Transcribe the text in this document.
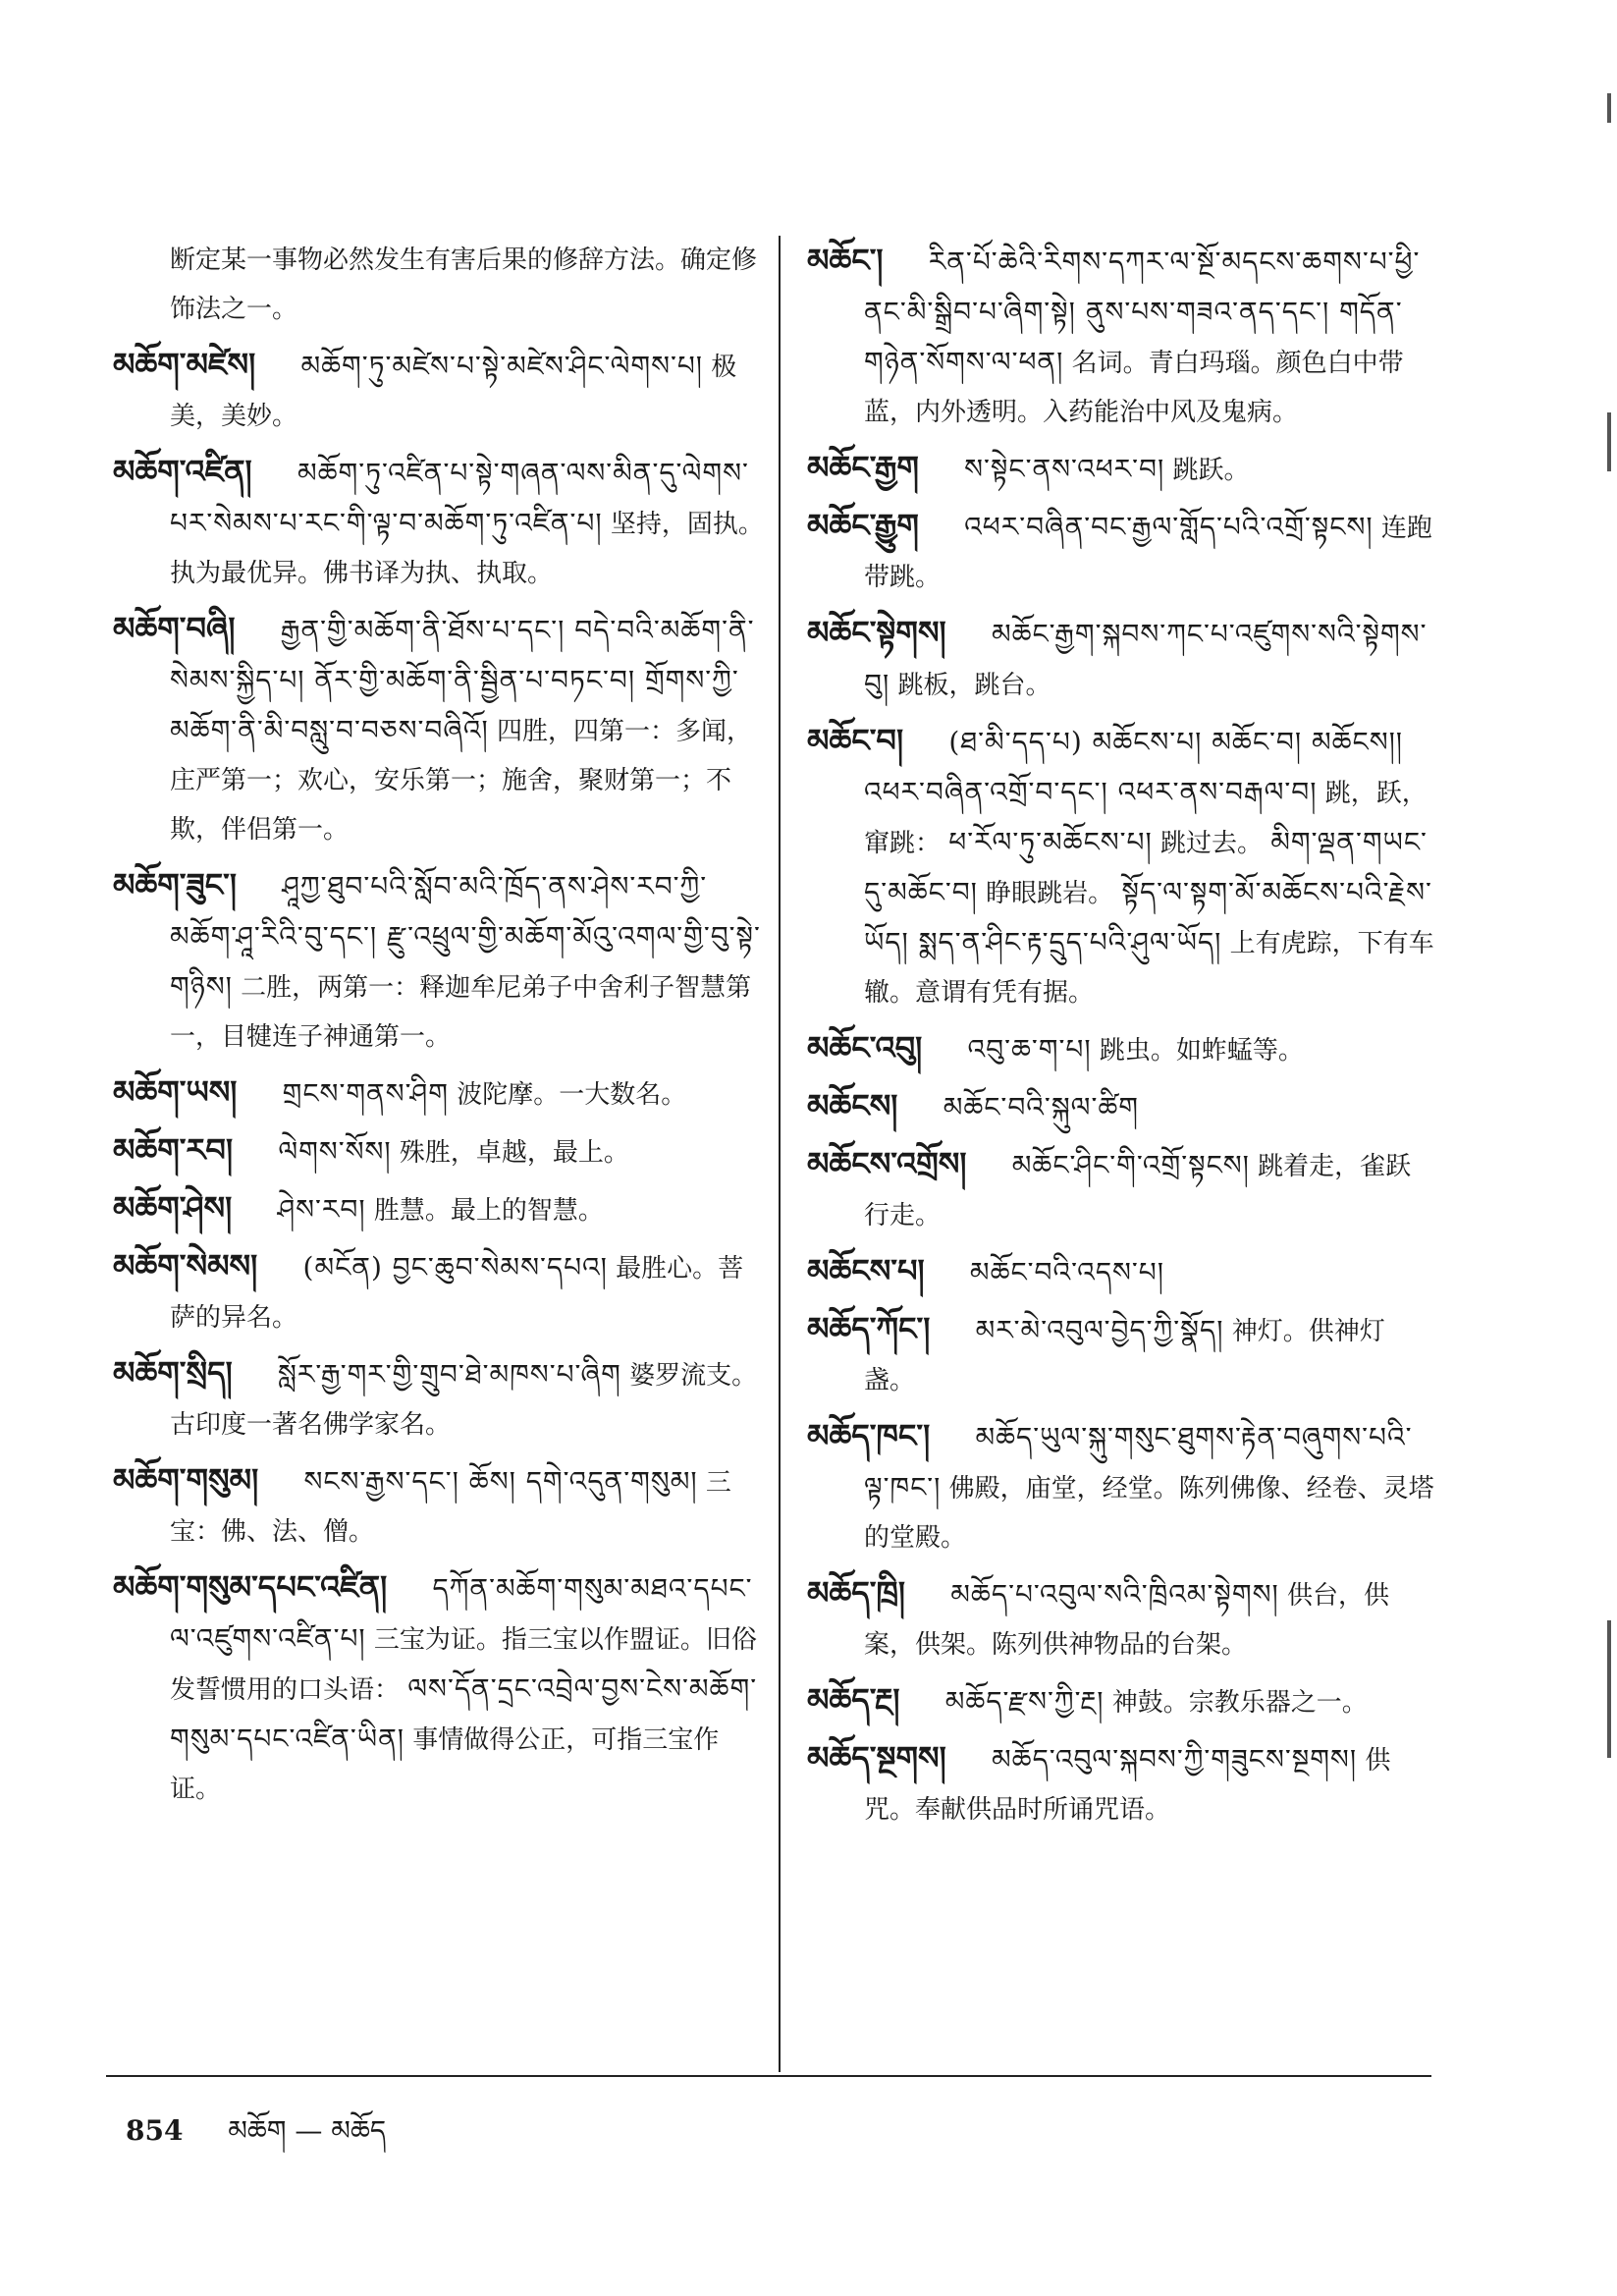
断定某一事物必然发生有害后果的修辞方法。确定修饰法之一。

མཆོག་མཛེས། མཆོག་ཏུ་མཛེས་པ་སྟེ་མཛེས་ཤིང་ལེགས་པ། 极美，美妙。

མཆོག་འཛིན། མཆོག་ཏུ་འཛིན་པ་སྟེ་གཞན་ལས་མིན་དུ་ལེགས་པར་སེམས་པ་རང་གི་ལྟ་བ་མཆོག་ཏུ་འཛིན་པ། 坚持，固执。执为最优异。佛书译为执、执取。

མཆོག་བཞི། རྒྱན་གྱི་མཆོག་ནི་ཐོས་པ་དང་། བདེ་བའི་མཆོག་ནི་སེམས་སྐྱིད་པ། ནོར་གྱི་མཆོག་ནི་སྦྱིན་པ་བཏང་བ། གྲོགས་ཀྱི་མཆོག་ནི་མི་བསླུ་བ་བཅས་བཞིའོ། 四胜，四第一：多闻，庄严第一；欢心，安乐第一；施舍，聚财第一；不欺，伴侣第一。

མཆོག་ཟུང་། ཤཱཀྱ་ཐུབ་པའི་སློབ་མའི་ཁྲོད་ནས་ཤེས་རབ་ཀྱི་མཆོག་ཤཱ་རིའི་བུ་དང་། རྫུ་འཕྲུལ་གྱི་མཆོག་མོའུ་འགལ་གྱི་བུ་སྟེ་གཉིས། 二胜，两第一：释迦牟尼弟子中舍利子智慧第一，目犍连子神通第一。

མཆོག་ཡས། གྲངས་གནས་ཤིག 波陀摩。一大数名。

མཆོག་རབ། ལེགས་སོས། 殊胜，卓越，最上。

མཆོག་ཤེས། ཤེས་རབ། 胜慧。最上的智慧。

མཆོག་སེམས། (མངོན) བྱང་ཆུབ་སེམས་དཔའ། 最胜心。菩萨的异名。

མཆོག་སྲིད། སློར་རྒྱ་གར་གྱི་གྲུབ་ཐེ་མཁས་པ་ཞིག 婆罗流支。古印度一著名佛学家名。

མཆོག་གསུམ། སངས་རྒྱས་དང་། ཆོས། དགེ་འདུན་གསུམ། 三宝：佛、法、僧。

མཆོག་གསུམ་དཔང་འཛིན། དཀོན་མཆོག་གསུམ་མཐའ་དཔང་ལ་འཛུགས་འཛིན་པ། 三宝为证。指三宝以作盟证。旧俗发誓惯用的口头语： ལས་དོན་དྲང་འབྲེལ་བྱས་ངེས་མཆོག་གསུམ་དཔང་འཛིན་ཡིན། 事情做得公正，可指三宝作证。

མཆོང་། རིན་པོ་ཆེའི་རིགས་དཀར་ལ་སྔོ་མདངས་ཆགས་པ་ཕྱི་ནང་མི་སྒྲིབ་པ་ཞིག་སྟེ། ནུས་པས་གཟའ་ནད་དང་། གདོན་གཉེན་སོགས་ལ་ཕན། 名词。青白玛瑙。颜色白中带蓝，内外透明。入药能治中风及鬼病。

མཆོང་རྒྱག ས་སྟེང་ནས་འཕར་བ། 跳跃。

མཆོང་རྒྱུག འཕར་བཞིན་བང་རྒྱལ་གློད་པའི་འགྲོ་སྟངས། 连跑带跳。

མཆོང་སྟེགས། མཆོང་རྒྱག་སྐབས་ཀང་པ་འཛུགས་སའི་སྟེགས་བུ། 跳板，跳台。

མཆོང་བ། (ཐ་མི་དད་པ) མཆོངས་པ། མཆོང་བ། མཆོངས།། འཕར་བཞིན་འགྲོ་བ་དང་། འཕར་ནས་བརྒལ་བ། 跳，跃，窜跳： ཕ་རོལ་ཏུ་མཆོངས་པ། 跳过去。 མིག་ལྡན་གཡང་དུ་མཆོང་བ། 睁眼跳岩。 སྟོད་ལ་སྟག་མོ་མཆོངས་པའི་རྗེས་ཡོད། སྨད་ན་ཤིང་རྟ་དྲུད་པའི་ཤུལ་ཡོད། 上有虎踪，下有车辙。意谓有凭有据。

མཆོང་འབུ། འབུ་ཆ་ག་པ། 跳虫。如蚱蜢等。

མཆོངས། མཆོང་བའི་སྐུལ་ཚིག

མཆོངས་འགྲོས། མཆོང་ཤིང་གི་འགྲོ་སྟངས། 跳着走，雀跃行走。

མཆོངས་པ། མཆོང་བའི་འདས་པ།

མཆོད་ཀོང་། མར་མེ་འབུལ་བྱེད་ཀྱི་སྣོད། 神灯。供神灯盏。

མཆོད་ཁང་། མཆོད་ཡུལ་སྐུ་གསུང་ཐུགས་རྟེན་བཞུགས་པའི་ལྟ་ཁང་། 佛殿，庙堂，经堂。陈列佛像、经卷、灵塔的堂殿。

མཆོད་ཁྲི། མཆོད་པ་འབུལ་སའི་ཁྲིའམ་སྟེགས། 供台，供案，供架。陈列供神物品的台架。

མཆོད་རྔ། མཆོད་རྫས་ཀྱི་རྔ། 神鼓。宗教乐器之一。

མཆོད་སྔགས། མཆོད་འབུལ་སྐབས་ཀྱི་གཟུངས་སྔགས། 供咒。奉献供品时所诵咒语。

854 མཆོག — མཆོད
